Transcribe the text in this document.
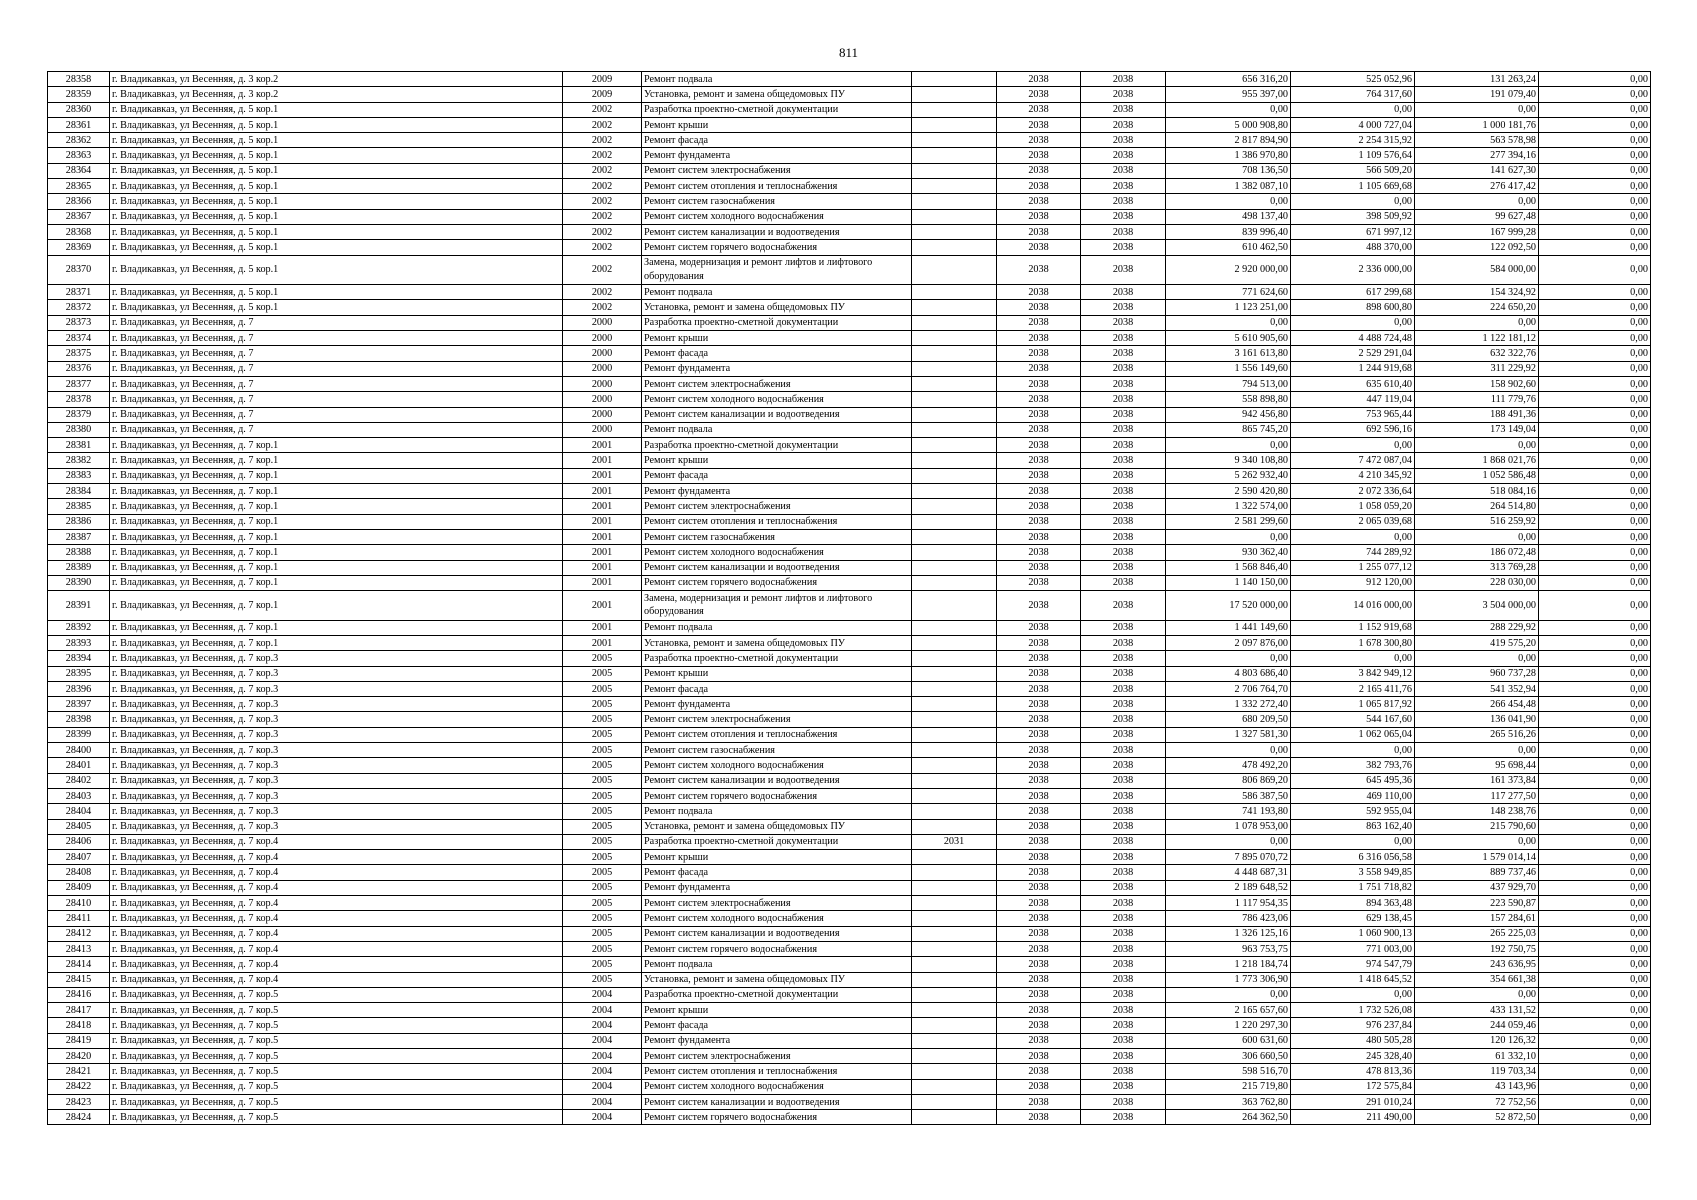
811
28358	г. Владикавказ, ул Весенняя, д. 3 кор.2	2009	Ремонт подвала		2038	2038	656 316,20	525 052,96	131 263,24	0,00
28359	г. Владикавказ, ул Весенняя, д. 3 кор.2	2009	Установка, ремонт и замена общедомовых ПУ		2038	2038	955 397,00	764 317,60	191 079,40	0,00
28360	г. Владикавказ, ул Весенняя, д. 5 кор.1	2002	Разработка проектно-сметной документации		2038	2038	0,00	0,00	0,00	0,00
28361	г. Владикавказ, ул Весенняя, д. 5 кор.1	2002	Ремонт крыши		2038	2038	5 000 908,80	4 000 727,04	1 000 181,76	0,00
28362	г. Владикавказ, ул Весенняя, д. 5 кор.1	2002	Ремонт фасада		2038	2038	2 817 894,90	2 254 315,92	563 578,98	0,00
28363	г. Владикавказ, ул Весенняя, д. 5 кор.1	2002	Ремонт фундамента		2038	2038	1 386 970,80	1 109 576,64	277 394,16	0,00
28364	г. Владикавказ, ул Весенняя, д. 5 кор.1	2002	Ремонт систем электроснабжения		2038	2038	708 136,50	566 509,20	141 627,30	0,00
28365	г. Владикавказ, ул Весенняя, д. 5 кор.1	2002	Ремонт систем отопления и теплоснабжения		2038	2038	1 382 087,10	1 105 669,68	276 417,42	0,00
28366	г. Владикавказ, ул Весенняя, д. 5 кор.1	2002	Ремонт систем газоснабжения		2038	2038	0,00	0,00	0,00	0,00
28367	г. Владикавказ, ул Весенняя, д. 5 кор.1	2002	Ремонт систем холодного водоснабжения		2038	2038	498 137,40	398 509,92	99 627,48	0,00
28368	г. Владикавказ, ул Весенняя, д. 5 кор.1	2002	Ремонт систем канализации и водоотведения		2038	2038	839 996,40	671 997,12	167 999,28	0,00
28369	г. Владикавказ, ул Весенняя, д. 5 кор.1	2002	Ремонт систем горячего водоснабжения		2038	2038	610 462,50	488 370,00	122 092,50	0,00
28370	г. Владикавказ, ул Весенняя, д. 5 кор.1	2002	Замена, модернизация и ремонт лифтов и лифтового оборудования		2038	2038	2 920 000,00	2 336 000,00	584 000,00	0,00
28371	г. Владикавказ, ул Весенняя, д. 5 кор.1	2002	Ремонт подвала		2038	2038	771 624,60	617 299,68	154 324,92	0,00
28372	г. Владикавказ, ул Весенняя, д. 5 кор.1	2002	Установка, ремонт и замена общедомовых ПУ		2038	2038	1 123 251,00	898 600,80	224 650,20	0,00
28373	г. Владикавказ, ул Весенняя, д. 7	2000	Разработка проектно-сметной документации		2038	2038	0,00	0,00	0,00	0,00
28374	г. Владикавказ, ул Весенняя, д. 7	2000	Ремонт крыши		2038	2038	5 610 905,60	4 488 724,48	1 122 181,12	0,00
28375	г. Владикавказ, ул Весенняя, д. 7	2000	Ремонт фасада		2038	2038	3 161 613,80	2 529 291,04	632 322,76	0,00
28376	г. Владикавказ, ул Весенняя, д. 7	2000	Ремонт фундамента		2038	2038	1 556 149,60	1 244 919,68	311 229,92	0,00
28377	г. Владикавказ, ул Весенняя, д. 7	2000	Ремонт систем электроснабжения		2038	2038	794 513,00	635 610,40	158 902,60	0,00
28378	г. Владикавказ, ул Весенняя, д. 7	2000	Ремонт систем холодного водоснабжения		2038	2038	558 898,80	447 119,04	111 779,76	0,00
28379	г. Владикавказ, ул Весенняя, д. 7	2000	Ремонт систем канализации и водоотведения		2038	2038	942 456,80	753 965,44	188 491,36	0,00
28380	г. Владикавказ, ул Весенняя, д. 7	2000	Ремонт подвала		2038	2038	865 745,20	692 596,16	173 149,04	0,00
28381	г. Владикавказ, ул Весенняя, д. 7 кор.1	2001	Разработка проектно-сметной документации		2038	2038	0,00	0,00	0,00	0,00
28382	г. Владикавказ, ул Весенняя, д. 7 кор.1	2001	Ремонт крыши		2038	2038	9 340 108,80	7 472 087,04	1 868 021,76	0,00
28383	г. Владикавказ, ул Весенняя, д. 7 кор.1	2001	Ремонт фасада		2038	2038	5 262 932,40	4 210 345,92	1 052 586,48	0,00
28384	г. Владикавказ, ул Весенняя, д. 7 кор.1	2001	Ремонт фундамента		2038	2038	2 590 420,80	2 072 336,64	518 084,16	0,00
28385	г. Владикавказ, ул Весенняя, д. 7 кор.1	2001	Ремонт систем электроснабжения		2038	2038	1 322 574,00	1 058 059,20	264 514,80	0,00
28386	г. Владикавказ, ул Весенняя, д. 7 кор.1	2001	Ремонт систем отопления и теплоснабжения		2038	2038	2 581 299,60	2 065 039,68	516 259,92	0,00
28387	г. Владикавказ, ул Весенняя, д. 7 кор.1	2001	Ремонт систем газоснабжения		2038	2038	0,00	0,00	0,00	0,00
28388	г. Владикавказ, ул Весенняя, д. 7 кор.1	2001	Ремонт систем холодного водоснабжения		2038	2038	930 362,40	744 289,92	186 072,48	0,00
28389	г. Владикавказ, ул Весенняя, д. 7 кор.1	2001	Ремонт систем канализации и водоотведения		2038	2038	1 568 846,40	1 255 077,12	313 769,28	0,00
28390	г. Владикавказ, ул Весенняя, д. 7 кор.1	2001	Ремонт систем горячего водоснабжения		2038	2038	1 140 150,00	912 120,00	228 030,00	0,00
28391	г. Владикавказ, ул Весенняя, д. 7 кор.1	2001	Замена, модернизация и ремонт лифтов и лифтового оборудования		2038	2038	17 520 000,00	14 016 000,00	3 504 000,00	0,00
28392	г. Владикавказ, ул Весенняя, д. 7 кор.1	2001	Ремонт подвала		2038	2038	1 441 149,60	1 152 919,68	288 229,92	0,00
28393	г. Владикавказ, ул Весенняя, д. 7 кор.1	2001	Установка, ремонт и замена общедомовых ПУ		2038	2038	2 097 876,00	1 678 300,80	419 575,20	0,00
28394	г. Владикавказ, ул Весенняя, д. 7 кор.3	2005	Разработка проектно-сметной документации		2038	2038	0,00	0,00	0,00	0,00
28395	г. Владикавказ, ул Весенняя, д. 7 кор.3	2005	Ремонт крыши		2038	2038	4 803 686,40	3 842 949,12	960 737,28	0,00
28396	г. Владикавказ, ул Весенняя, д. 7 кор.3	2005	Ремонт фасада		2038	2038	2 706 764,70	2 165 411,76	541 352,94	0,00
28397	г. Владикавказ, ул Весенняя, д. 7 кор.3	2005	Ремонт фундамента		2038	2038	1 332 272,40	1 065 817,92	266 454,48	0,00
28398	г. Владикавказ, ул Весенняя, д. 7 кор.3	2005	Ремонт систем электроснабжения		2038	2038	680 209,50	544 167,60	136 041,90	0,00
28399	г. Владикавказ, ул Весенняя, д. 7 кор.3	2005	Ремонт систем отопления и теплоснабжения		2038	2038	1 327 581,30	1 062 065,04	265 516,26	0,00
28400	г. Владикавказ, ул Весенняя, д. 7 кор.3	2005	Ремонт систем газоснабжения		2038	2038	0,00	0,00	0,00	0,00
28401	г. Владикавказ, ул Весенняя, д. 7 кор.3	2005	Ремонт систем холодного водоснабжения		2038	2038	478 492,20	382 793,76	95 698,44	0,00
28402	г. Владикавказ, ул Весенняя, д. 7 кор.3	2005	Ремонт систем канализации и водоотведения		2038	2038	806 869,20	645 495,36	161 373,84	0,00
28403	г. Владикавказ, ул Весенняя, д. 7 кор.3	2005	Ремонт систем горячего водоснабжения		2038	2038	586 387,50	469 110,00	117 277,50	0,00
28404	г. Владикавказ, ул Весенняя, д. 7 кор.3	2005	Ремонт подвала		2038	2038	741 193,80	592 955,04	148 238,76	0,00
28405	г. Владикавказ, ул Весенняя, д. 7 кор.3	2005	Установка, ремонт и замена общедомовых ПУ		2038	2038	1 078 953,00	863 162,40	215 790,60	0,00
28406	г. Владикавказ, ул Весенняя, д. 7 кор.4	2005	Разработка проектно-сметной документации	2031	2038	2038	0,00	0,00	0,00	0,00
28407	г. Владикавказ, ул Весенняя, д. 7 кор.4	2005	Ремонт крыши		2038	2038	7 895 070,72	6 316 056,58	1 579 014,14	0,00
28408	г. Владикавказ, ул Весенняя, д. 7 кор.4	2005	Ремонт фасада		2038	2038	4 448 687,31	3 558 949,85	889 737,46	0,00
28409	г. Владикавказ, ул Весенняя, д. 7 кор.4	2005	Ремонт фундамента		2038	2038	2 189 648,52	1 751 718,82	437 929,70	0,00
28410	г. Владикавказ, ул Весенняя, д. 7 кор.4	2005	Ремонт систем электроснабжения		2038	2038	1 117 954,35	894 363,48	223 590,87	0,00
28411	г. Владикавказ, ул Весенняя, д. 7 кор.4	2005	Ремонт систем холодного водоснабжения		2038	2038	786 423,06	629 138,45	157 284,61	0,00
28412	г. Владикавказ, ул Весенняя, д. 7 кор.4	2005	Ремонт систем канализации и водоотведения		2038	2038	1 326 125,16	1 060 900,13	265 225,03	0,00
28413	г. Владикавказ, ул Весенняя, д. 7 кор.4	2005	Ремонт систем горячего водоснабжения		2038	2038	963 753,75	771 003,00	192 750,75	0,00
28414	г. Владикавказ, ул Весенняя, д. 7 кор.4	2005	Ремонт подвала		2038	2038	1 218 184,74	974 547,79	243 636,95	0,00
28415	г. Владикавказ, ул Весенняя, д. 7 кор.4	2005	Установка, ремонт и замена общедомовых ПУ		2038	2038	1 773 306,90	1 418 645,52	354 661,38	0,00
28416	г. Владикавказ, ул Весенняя, д. 7 кор.5	2004	Разработка проектно-сметной документации		2038	2038	0,00	0,00	0,00	0,00
28417	г. Владикавказ, ул Весенняя, д. 7 кор.5	2004	Ремонт крыши		2038	2038	2 165 657,60	1 732 526,08	433 131,52	0,00
28418	г. Владикавказ, ул Весенняя, д. 7 кор.5	2004	Ремонт фасада		2038	2038	1 220 297,30	976 237,84	244 059,46	0,00
28419	г. Владикавказ, ул Весенняя, д. 7 кор.5	2004	Ремонт фундамента		2038	2038	600 631,60	480 505,28	120 126,32	0,00
28420	г. Владикавказ, ул Весенняя, д. 7 кор.5	2004	Ремонт систем электроснабжения		2038	2038	306 660,50	245 328,40	61 332,10	0,00
28421	г. Владикавказ, ул Весенняя, д. 7 кор.5	2004	Ремонт систем отопления и теплоснабжения		2038	2038	598 516,70	478 813,36	119 703,34	0,00
28422	г. Владикавказ, ул Весенняя, д. 7 кор.5	2004	Ремонт систем холодного водоснабжения		2038	2038	215 719,80	172 575,84	43 143,96	0,00
28423	г. Владикавказ, ул Весенняя, д. 7 кор.5	2004	Ремонт систем канализации и водоотведения		2038	2038	363 762,80	291 010,24	72 752,56	0,00
28424	г. Владикавказ, ул Весенняя, д. 7 кор.5	2004	Ремонт систем горячего водоснабжения		2038	2038	264 362,50	211 490,00	52 872,50	0,00
